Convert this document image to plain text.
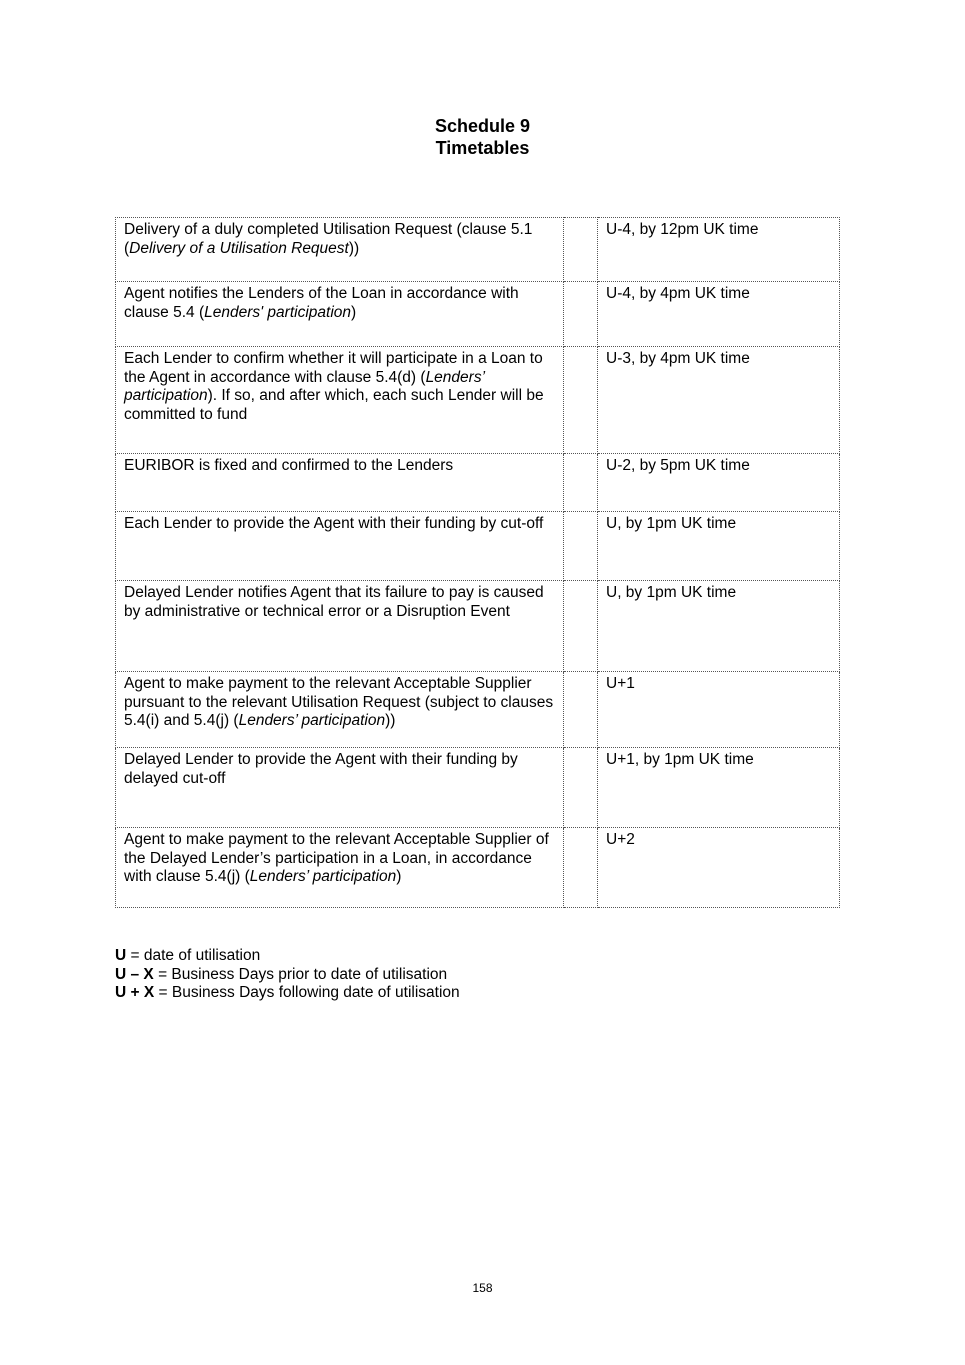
Schedule 9
Timetables
Delivery of a duly completed Utilisation Request (clause 5.1 (Delivery of a Utilisation Request))		U-4, by 12pm UK time
Agent notifies the Lenders of the Loan in accordance with clause 5.4 (Lenders' participation)		U-4, by 4pm UK time
Each Lender to confirm whether it will participate in a Loan to the Agent in accordance with clause 5.4(d) (Lenders’ participation). If so, and after which, each such Lender will be committed to fund		U-3, by 4pm UK time
EURIBOR is fixed and confirmed to the Lenders		U-2, by 5pm UK time
Each Lender to provide the Agent with their funding by cut-off		U, by 1pm UK time
Delayed Lender notifies Agent that its failure to pay is caused by administrative or technical error or a Disruption Event		U, by 1pm UK time
Agent to make payment to the relevant Acceptable Supplier pursuant to the relevant Utilisation Request (subject to clauses 5.4(i) and 5.4(j) (Lenders’ participation))		U+1
Delayed Lender to provide the Agent with their funding by delayed cut-off		U+1, by 1pm UK time
Agent to make payment to the relevant Acceptable Supplier of the Delayed Lender’s participation in a Loan, in accordance with clause 5.4(j) (Lenders’ participation)		U+2
U = date of utilisation
U – X = Business Days prior to date of utilisation
U + X = Business Days following date of utilisation
158
